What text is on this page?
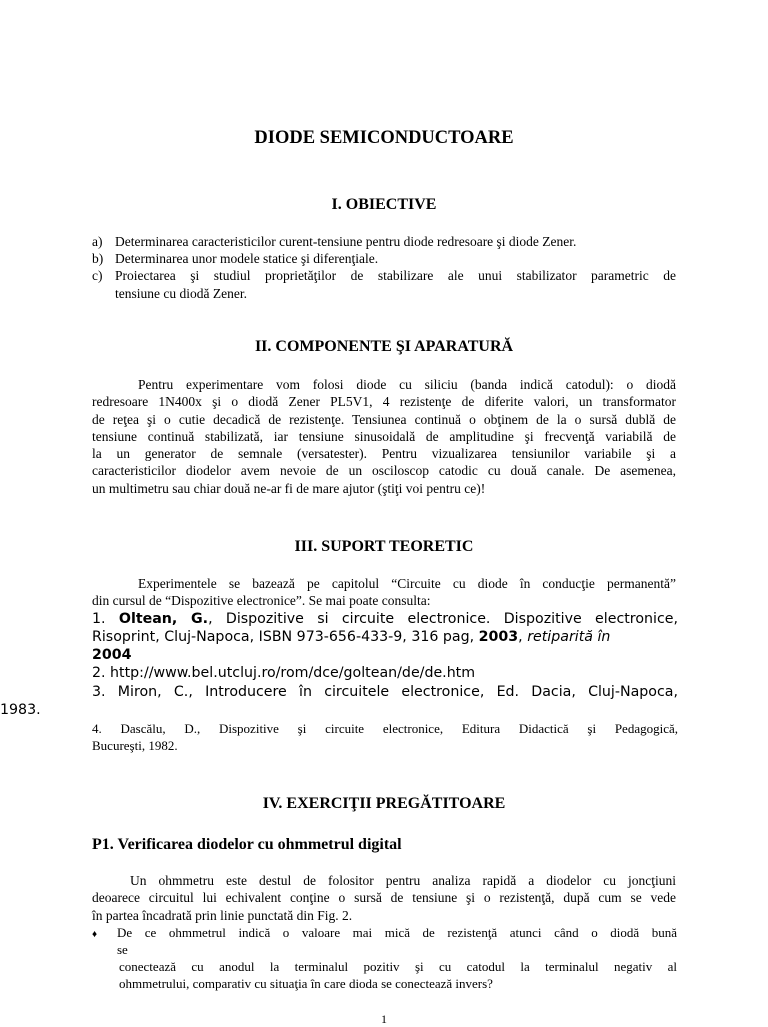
DIODE SEMICONDUCTOARE
I. OBIECTIVE
a) Determinarea caracteristicilor curent-tensiune pentru diode redresoare şi diode Zener.
b) Determinarea unor modele statice şi diferenţiale.
c) Proiectarea şi studiul proprietăţilor de stabilizare ale unui stabilizator parametric de
tensiune cu diodă Zener.
II. COMPONENTE ŞI APARATURĂ
Pentru experimentare vom folosi diode cu siliciu (banda indică catodul): o diodă
redresoare 1N400x şi o diodă Zener PL5V1, 4 rezistenţe de diferite valori, un transformator
de reţea şi o cutie decadică de rezistenţe. Tensiunea continuă o obţinem de la o sursă dublă de
tensiune continuă stabilizată, iar tensiune sinusoidală de amplitudine şi frecvenţă variabilă de
la un generator de semnale (versatester). Pentru vizualizarea tensiunilor variabile şi a
caracteristicilor diodelor avem nevoie de un osciloscop catodic cu două canale. De asemenea,
un multimetru sau chiar două ne-ar fi de mare ajutor (ştiţi voi pentru ce)!
III. SUPORT TEORETIC
Experimentele se bazează pe capitolul “Circuite cu diode în conducţie permanentă”
din cursul de “Dispozitive electronice”. Se mai poate consulta:
1. Oltean, G., Dispozitive si circuite electronice. Dispozitive electronice,
Risoprint, Cluj-Napoca, ISBN 973-656-433-9, 316 pag, 2003, retiparită în
2004
2. http://www.bel.utcluj.ro/rom/dce/goltean/de/de.htm
3. Miron, C., Introducere în circuitele electronice, Ed. Dacia, Cluj-Napoca,
1983.
4. Dascălu, D., Dispozitive şi circuite electronice, Editura Didactică şi Pedagogică,
Bucureşti, 1982.
IV. EXERCIŢII PREGĂTITOARE
P1. Verificarea diodelor cu ohmmetrul digital
Un ohmmetru este destul de folositor pentru analiza rapidă a diodelor cu joncţiuni
deoarece circuitul lui echivalent conţine o sursă de tensiune şi o rezistenţă, după cum se vede
în partea încadrată prin linie punctată din Fig. 2.
♦ De ce ohmmetrul indică o valoare mai mică de rezistenţă atunci când o diodă bună
se
conectează cu anodul la terminalul pozitiv şi cu catodul la terminalul negativ al
ohmmetrului, comparativ cu situaţia în care dioda se conectează invers?
1
